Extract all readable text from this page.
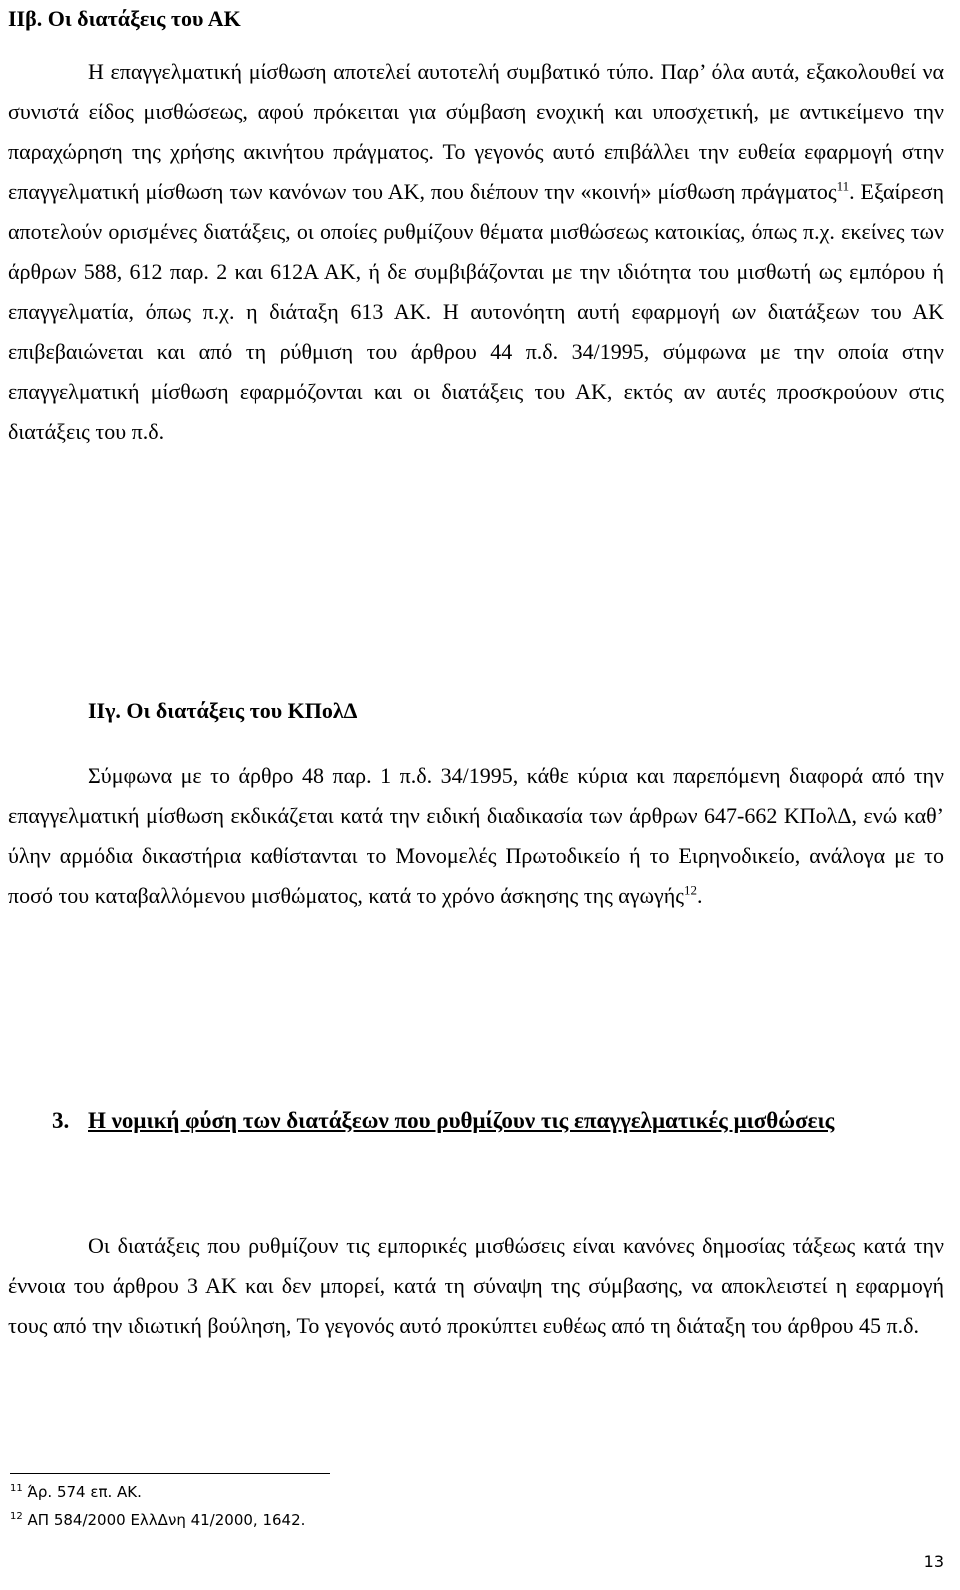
ΙΙβ. Οι διατάξεις του ΑΚ

Η επαγγελματική μίσθωση αποτελεί αυτοτελή συμβατικό τύπο. Παρ’ όλα αυτά, εξακολουθεί να συνιστά είδος μισθώσεως, αφού πρόκειται για σύμβαση ενοχική και υποσχετική, με αντικείμενο την παραχώρηση της χρήσης ακινήτου πράγματος. Το γεγονός αυτό επιβάλλει την ευθεία εφαρμογή στην επαγγελματική μίσθωση των κανόνων του ΑΚ, που διέπουν την «κοινή» μίσθωση πράγματος$^{11}$. Εξαίρεση αποτελούν ορισμένες διατάξεις, οι οποίες ρυθμίζουν θέματα μισθώσεως κατοικίας, όπως π.χ. εκείνες των άρθρων 588, 612 παρ. 2 και 612Α ΑΚ, ή δε συμβιβάζονται με την ιδιότητα του μισθωτή ως εμπόρου ή επαγγελματία, όπως π.χ. η διάταξη 613 ΑΚ. Η αυτονόητη αυτή εφαρμογή ων διατάξεων του ΑΚ επιβεβαιώνεται και από τη ρύθμιση του άρθρου 44 π.δ. 34/1995, σύμφωνα με την οποία στην επαγγελματική μίσθωση εφαρμόζονται και οι διατάξεις του ΑΚ, εκτός αν αυτές προσκρούουν στις διατάξεις του π.δ.

ΙΙγ. Οι διατάξεις του ΚΠολΔ

Σύμφωνα με το άρθρο 48 παρ. 1 π.δ. 34/1995, κάθε κύρια και παρεπόμενη διαφορά από την επαγγελματική μίσθωση εκδικάζεται κατά την ειδική διαδικασία των άρθρων 647-662 ΚΠολΔ, ενώ καθ’ ύλην αρμόδια δικαστήρια καθίστανται το Μονομελές Πρωτοδικείο ή το Ειρηνοδικείο, ανάλογα με το ποσό του καταβαλλόμενου μισθώματος, κατά το χρόνο άσκησης της αγωγής$^{12}$.

3. Η νομική φύση των διατάξεων που ρυθμίζουν τις επαγγελματικές μισθώσεις

Οι διατάξεις που ρυθμίζουν τις εμπορικές μισθώσεις είναι κανόνες δημοσίας τάξεως κατά την έννοια του άρθρου 3 ΑΚ και δεν μπορεί, κατά τη σύναψη της σύμβασης, να αποκλειστεί η εφαρμογή τους από την ιδιωτική βούληση, Το γεγονός αυτό προκύπτει ευθέως από τη διάταξη του άρθρου 45 π.δ.

$^{11}$ Άρ. 574 επ. ΑΚ.
$^{12}$ ΑΠ 584/2000 ΕλλΔνη 41/2000, 1642.
13
